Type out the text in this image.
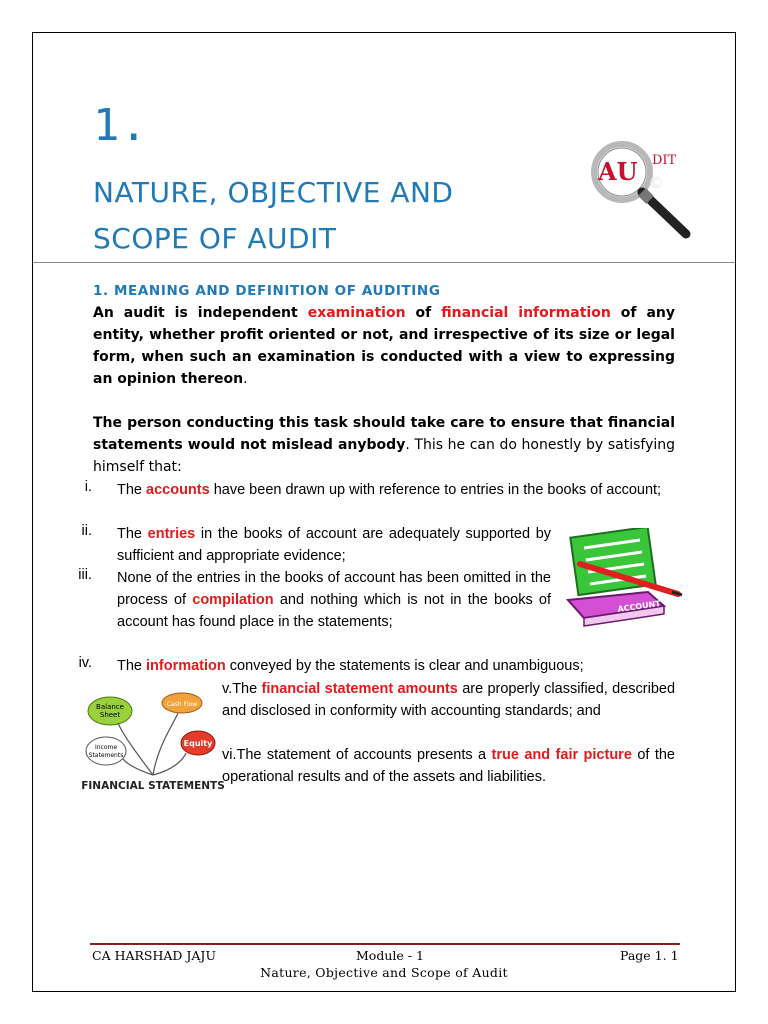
1.
NATURE, OBJECTIVE AND
SCOPE OF AUDIT
AU DIT
©
1. MEANING AND DEFINITION OF AUDITING
An audit is independent examination of financial information of any entity, whether profit oriented or not, and irrespective of its size or legal form, when such an examination is conducted with a view to expressing an opinion thereon.
The person conducting this task should take care to ensure that financial statements would not mislead anybody. This he can do honestly by satisfying himself that:
i. The accounts have been drawn up with reference to entries in the books of account;
ii. The entries in the books of account are adequately supported by sufficient and appropriate evidence;
iii. None of the entries in the books of account has been omitted in the process of compilation and nothing which is not in the books of account has found place in the statements;
ACCOUNT
iv. The information conveyed by the statements is clear and unambiguous;
Balance
Sheet
Cash Flow
Income
Statements
Equity
FINANCIAL STATEMENTS
v.The financial statement amounts are properly classified, described and disclosed in conformity with accounting standards; and
vi.The statement of accounts presents a true and fair picture of the operational results and of the assets and liabilities.
CA HARSHAD JAJU	Module - 1	Page 1. 1
Nature, Objective and Scope of Audit
